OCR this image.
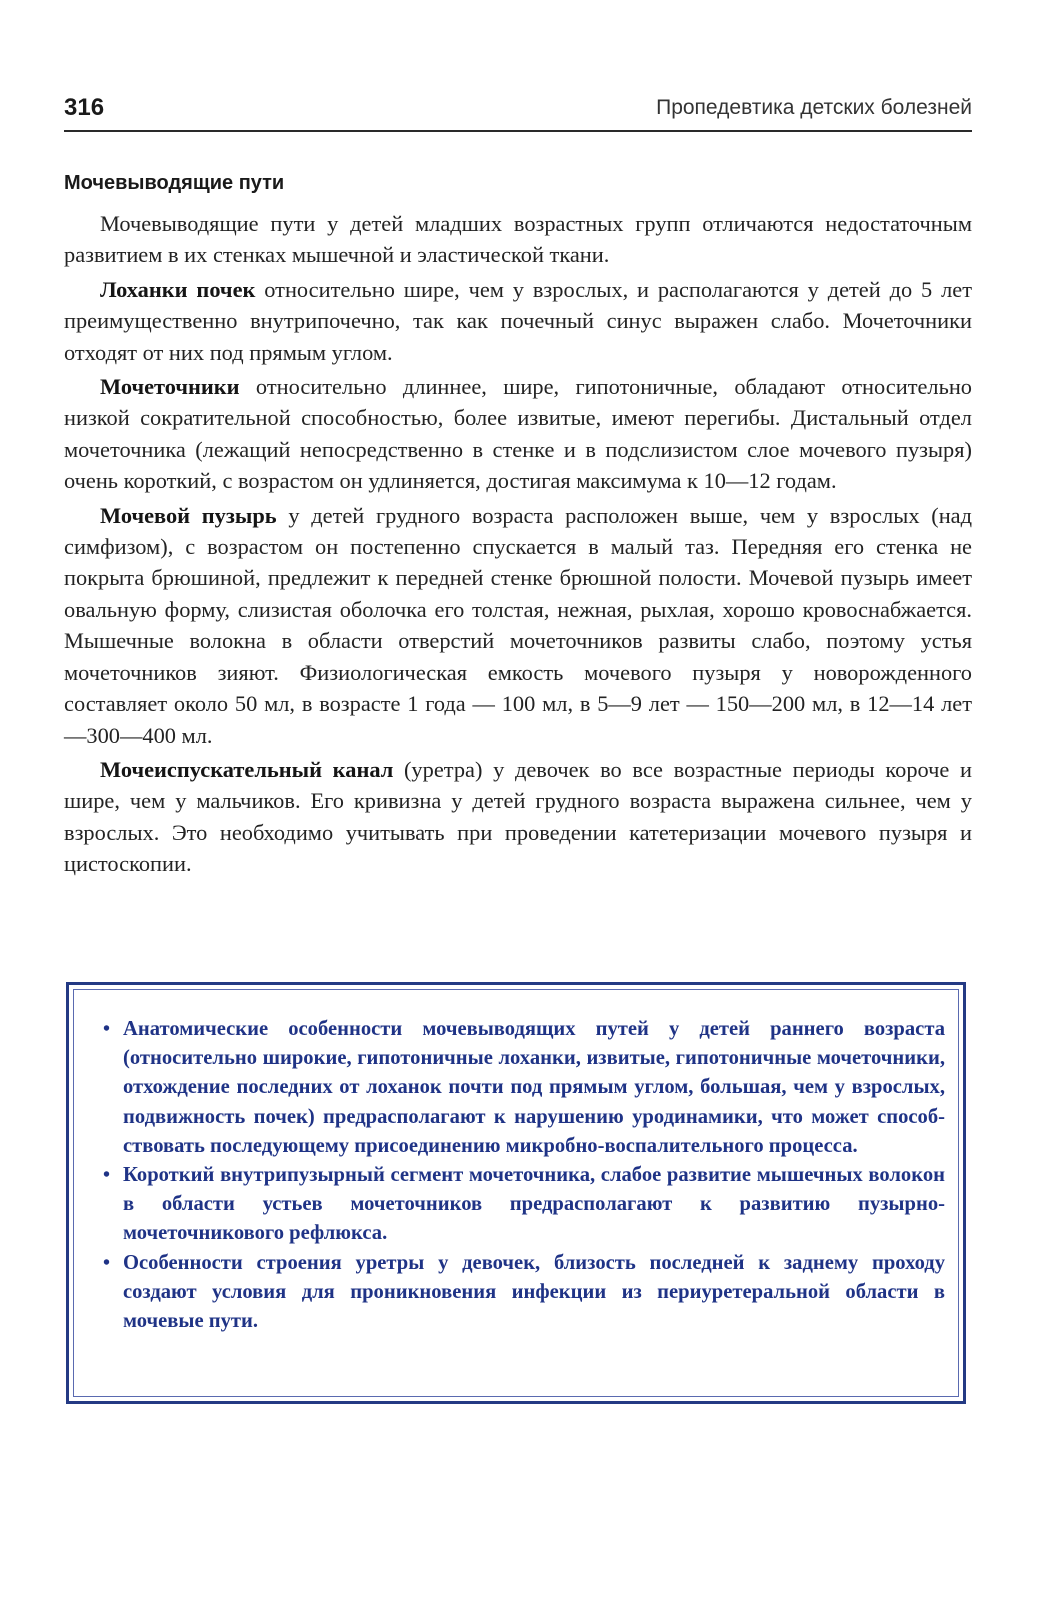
316	Пропедевтика детских болезней
Мочевыводящие пути

Мочевыводящие пути у детей младших возрастных групп отличаются недостаточным развитием в их стенках мышечной и эластической ткани.

Лоханки почек относительно шире, чем у взрослых, и располагаются у детей до 5 лет преимущественно внутрипочечно, так как почечный синус выражен слабо. Мочеточники отходят от них под прямым углом.

Мочеточники относительно длиннее, шире, гипотоничные, обладают относительно низкой сократительной способностью, более извитые, имеют перегибы. Дистальный отдел мочеточника (лежащий непосредственно в стенке и в подслизистом слое мочевого пузыря) очень короткий, с возрастом он удлиняется, достигая максимума к 10—12 годам.

Мочевой пузырь у детей грудного возраста расположен выше, чем у взрослых (над симфизом), с возрастом он постепенно спускается в малый таз. Передняя его стенка не покрыта брюшиной, предлежит к передней стенке брюшной полости. Мочевой пузырь имеет овальную форму, слизистая оболочка его толстая, нежная, рыхлая, хорошо кровоснабжается. Мышечные волокна в области отверстий мочеточников развиты слабо, поэтому устья мочеточников зияют. Физиологическая емкость мочевого пузыря у новорожденного составляет около 50 мл, в возрасте 1 года — 100 мл, в 5—9 лет — 150—200 мл, в 12—14 лет —300—400 мл.

Мочеиспускательный канал (уретра) у девочек во все возрастные периоды короче и шире, чем у мальчиков. Его кривизна у детей грудного возраста выражена сильнее, чем у взрослых. Это необходимо учитывать при проведении катетеризации мочевого пузыря и цистоскопии.

• Анатомические особенности мочевыводящих путей у детей раннего возраста (относительно широкие, гипотоничные лоханки, извитые, гипотоничные мочеточники, отхождение последних от лоханок почти под прямым углом, большая, чем у взрослых, подвижность почек) предрасполагают к нарушению уродинамики, что может способствовать последующему присоединению микробно-воспалительного процесса.
• Короткий внутрипузырный сегмент мочеточника, слабое развитие мышечных волокон в области устьев мочеточников предрасполагают к развитию пузырно-мочеточникового рефлюкса.
• Особенности строения уретры у девочек, близость последней к заднему проходу создают условия для проникновения инфекции из периуретеральной области в мочевые пути.
